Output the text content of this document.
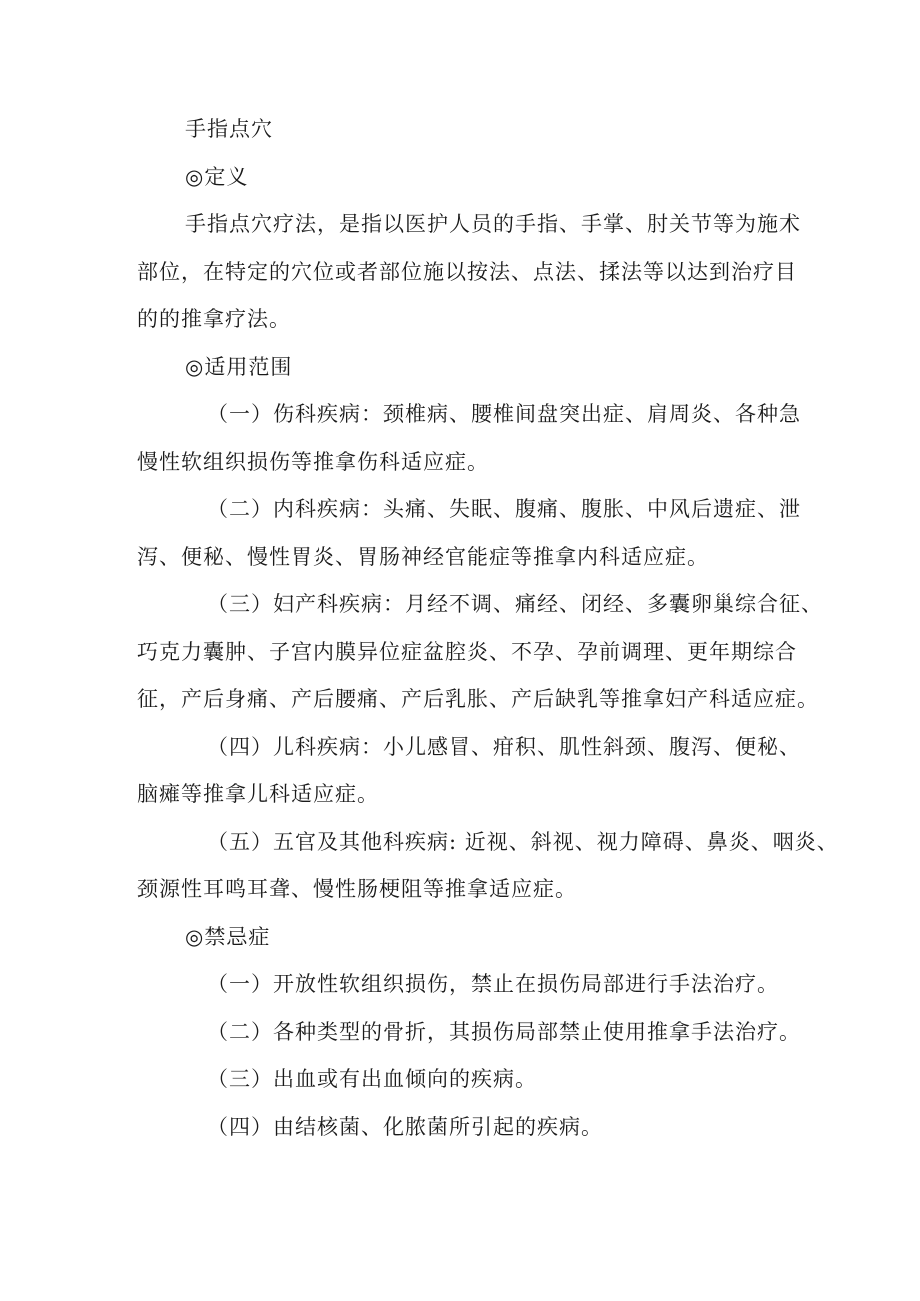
手指点穴
◎定义
手指点穴疗法，是指以医护人员的手指、手掌、肘关节等为施术
部位，在特定的穴位或者部位施以按法、点法、揉法等以达到治疗目
的的推拿疗法。
◎适用范围
（一）伤科疾病：颈椎病、腰椎间盘突出症、肩周炎、各种急
慢性软组织损伤等推拿伤科适应症。
（二）内科疾病：头痛、失眠、腹痛、腹胀、中风后遗症、泄
泻、便秘、慢性胃炎、胃肠神经官能症等推拿内科适应症。
（三）妇产科疾病：月经不调、痛经、闭经、多囊卵巢综合征、
巧克力囊肿、子宫内膜异位症盆腔炎、不孕、孕前调理、更年期综合
征，产后身痛、产后腰痛、产后乳胀、产后缺乳等推拿妇产科适应症。
（四）儿科疾病：小儿感冒、疳积、肌性斜颈、腹泻、便秘、
脑瘫等推拿儿科适应症。
（五）五官及其他科疾病: 近视、斜视、视力障碍、鼻炎、咽炎、
颈源性耳鸣耳聋、慢性肠梗阻等推拿适应症。
◎禁忌症
（一）开放性软组织损伤，禁止在损伤局部进行手法治疗。
（二）各种类型的骨折，其损伤局部禁止使用推拿手法治疗。
（三）出血或有出血倾向的疾病。
（四）由结核菌、化脓菌所引起的疾病。
